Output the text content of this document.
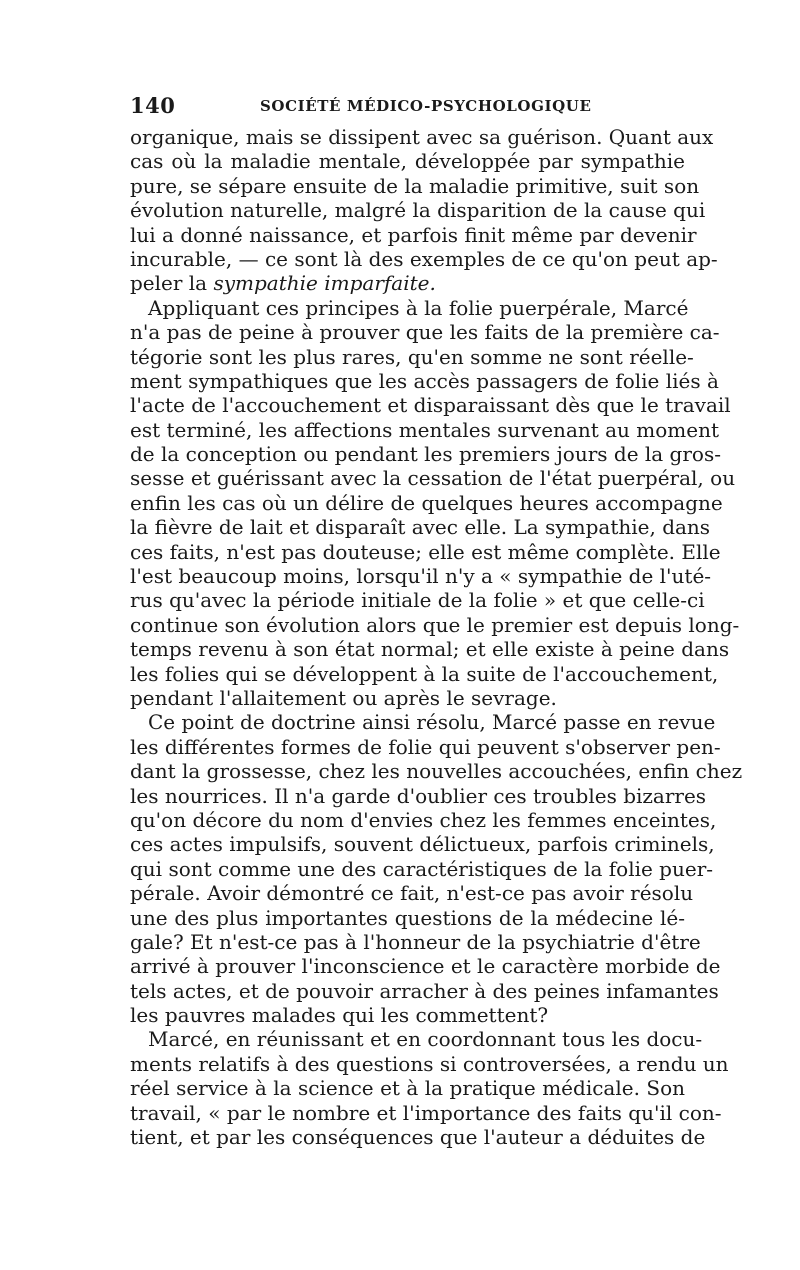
140	SOCIÉTÉ MÉDICO-PSYCHOLOGIQUE
organique, mais se dissipent avec sa guérison. Quant aux
cas où la maladie mentale, développée par sympathie
pure, se sépare ensuite de la maladie primitive, suit son
évolution naturelle, malgré la disparition de la cause qui
lui a donné naissance, et parfois finit même par devenir
incurable, — ce sont là des exemples de ce qu'on peut ap-
peler la sympathie imparfaite.
Appliquant ces principes à la folie puerpérale, Marcé
n'a pas de peine à prouver que les faits de la première ca-
tégorie sont les plus rares, qu'en somme ne sont réelle-
ment sympathiques que les accès passagers de folie liés à
l'acte de l'accouchement et disparaissant dès que le travail
est terminé, les affections mentales survenant au moment
de la conception ou pendant les premiers jours de la gros-
sesse et guérissant avec la cessation de l'état puerpéral, ou
enfin les cas où un délire de quelques heures accompagne
la fièvre de lait et disparaît avec elle. La sympathie, dans
ces faits, n'est pas douteuse; elle est même complète. Elle
l'est beaucoup moins, lorsqu'il n'y a « sympathie de l'uté-
rus qu'avec la période initiale de la folie » et que celle-ci
continue son évolution alors que le premier est depuis long-
temps revenu à son état normal; et elle existe à peine dans
les folies qui se développent à la suite de l'accouchement,
pendant l'allaitement ou après le sevrage.
Ce point de doctrine ainsi résolu, Marcé passe en revue
les différentes formes de folie qui peuvent s'observer pen-
dant la grossesse, chez les nouvelles accouchées, enfin chez
les nourrices. Il n'a garde d'oublier ces troubles bizarres
qu'on décore du nom d'envies chez les femmes enceintes,
ces actes impulsifs, souvent délictueux, parfois criminels,
qui sont comme une des caractéristiques de la folie puer-
pérale. Avoir démontré ce fait, n'est-ce pas avoir résolu
une des plus importantes questions de la médecine lé-
gale? Et n'est-ce pas à l'honneur de la psychiatrie d'être
arrivé à prouver l'inconscience et le caractère morbide de
tels actes, et de pouvoir arracher à des peines infamantes
les pauvres malades qui les commettent?
Marcé, en réunissant et en coordonnant tous les docu-
ments relatifs à des questions si controversées, a rendu un
réel service à la science et à la pratique médicale. Son
travail, « par le nombre et l'importance des faits qu'il con-
tient, et par les conséquences que l'auteur a déduites de
